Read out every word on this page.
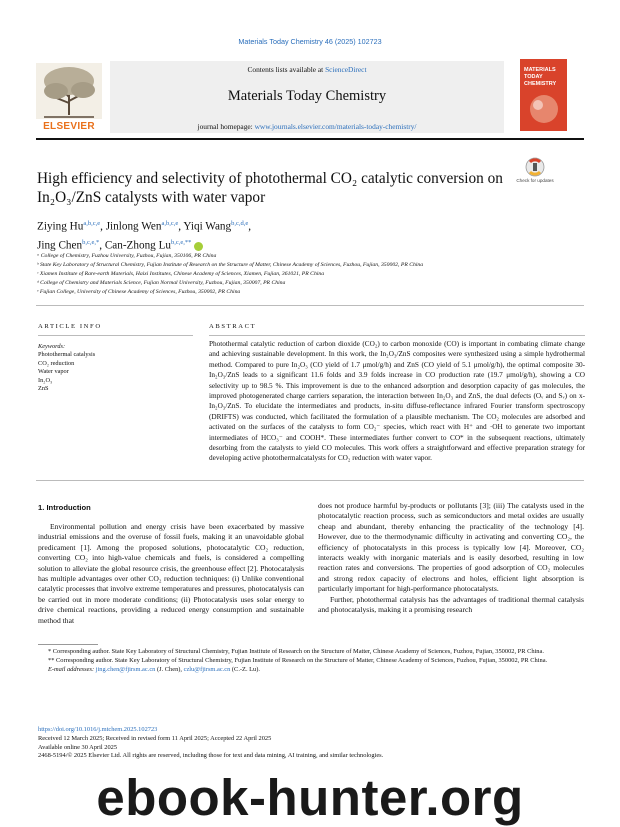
Materials Today Chemistry 46 (2025) 102723
ELSEVIER
Contents lists available at ScienceDirect
Materials Today Chemistry
journal homepage: www.journals.elsevier.com/materials-today-chemistry/
MATERIALS TODAY CHEMISTRY
High efficiency and selectivity of photothermal CO₂ catalytic conversion on
In₂O₃/ZnS catalysts with water vapor
Check for updates
Ziying Hu$^{a,b,c,e}$, Jinlong Wen$^{a,b,c,e}$, Yiqi Wang$^{b,c,d,e}$,
Jing Chen$^{b,c,e,*}$, Can-Zhong $Lu^{b,c,e,**}$
ᵃ College of Chemistry, Fuzhou University, Fuzhou, Fujian, 350106, PR China
ᵇ State Key Laboratory of Structural Chemistry, Fujian Institute of Research on the Structure of Matter, Chinese Academy of Sciences, Fuzhou, Fujian, 350002, PR China
ᶜ Xiamen Institute of Rare-earth Materials, Haixi Institutes, Chinese Academy of Sciences, Xiamen, Fujian, 361021, PR China
ᵈ College of Chemistry and Materials Science, Fujian Normal University, Fuzhou, Fujian, 350007, PR China
ᵉ Fujian College, University of Chinese Academy of Sciences, Fuzhou, 350002, PR China
ARTICLE INFO
Keywords:
Photothermal catalysis
CO₂ reduction
Water vapor
In₂O₃
ZnS
ABSTRACT
Photothermal catalytic reduction of carbon dioxide (CO₂) to carbon monoxide (CO) is important in combating climate change and achieving sustainable development. In this work, the In₂O₃/ZnS composites were synthesized using a simple hydrothermal method. Compared to pure In₂O₃ (CO yield of 1.7 μmol/g/h) and ZnS (CO yield of 5.1 μmol/g/h), the optimal composite 30-In₂O₃/ZnS leads to a significant 11.6 folds and 3.9 folds increase in CO production rate (19.7 μmol/g/h), showing a CO selectivity up to 98.5 %. This improvement is due to the enhanced adsorption and desorption capacity of gas molecules, the improved photogenerated charge carriers separation, the interaction between In₂O₃ and ZnS, the dual defects (Oᵥ and Sᵥ) on x-In₂O₃/ZnS. To elucidate the intermediates and products, in-situ diffuse-reflectance infrared Fourier transform spectroscopy (DRIFTS) was conducted, which facilitated the formulation of a plausible mechanism. The CO₂ molecules are adsorbed and activated on the surfaces of the catalysts to form CO₂⁻ species, which react with H⁺ and ·OH to generate two important intermediates of HCO₃⁻ and COOH*. These intermediates further convert to CO* in the subsequent reactions, ultimately desorbing from the catalysts to yield CO molecules. This work offers a straightforward and effective preparation strategy for developing active photothermalcatalysts for CO₂ reduction with water vapor.
1. Introduction

Environmental pollution and energy crisis have been exacerbated by massive industrial emissions and the overuse of fossil fuels, making it an unavoidable global predicament [1]. Among the proposed solutions, photocatalytic CO₂ reduction, converting CO₂ into high-value chemicals and fuels, is considered a compelling solution to alleviate the global resource crisis, the greenhouse effect [2]. Photocatalysis has multiple advantages over other CO₂ reduction techniques: (i) Unlike conventional catalytic processes that involve extreme temperatures and pressures, photocatalysis can be carried out in more moderate conditions; (ii) Photocatalysis uses solar energy to drive chemical reactions, providing a reduced energy consumption and sustainable method that

does not produce harmful by-products or pollutants [3]; (iii) The catalysts used in the photocatalytic reaction process, such as semiconductors and metal oxides are usually cheap and abundant, thereby enhancing the practicality of the technology [4]. However, due to the thermodynamic difficulty in activating and converting CO₂, the efficiency of photocatalysts in this process is typically low [4]. Moreover, CO₂ interacts weakly with inorganic materials and is easily desorbed, resulting in low reaction rates and conversions. The properties of good adsorption of CO₂ molecules and strong redox capacity of electrons and holes, efficient light absorption is particularly important for high-performance photocatalysts.

Further, photothermal catalysis has the advantages of traditional thermal catalysis and photocatalysis, making it a promising research

* Corresponding author. State Key Laboratory of Structural Chemistry, Fujian Institute of Research on the Structure of Matter, Chinese Academy of Sciences, Fuzhou, Fujian, 350002, PR China.

** Corresponding author. State Key Laboratory of Structural Chemistry, Fujian Institute of Research on the Structure of Matter, Chinese Academy of Sciences, Fuzhou, Fujian, 350002, PR China.

E-mail addresses: jing.chen@fjirsm.ac.cn (J. Chen), czlu@fjirsm.ac.cn (C.-Z. Lu).

https://doi.org/10.1016/j.mtchem.2025.102723
Received 12 March 2025; Received in revised form 11 April 2025; Accepted 22 April 2025
Available online 30 April 2025
2468-5194/© 2025 Elsevier Ltd. All rights are reserved, including those for text and data mining, AI training, and similar technologies.
ebook-hunter.org
